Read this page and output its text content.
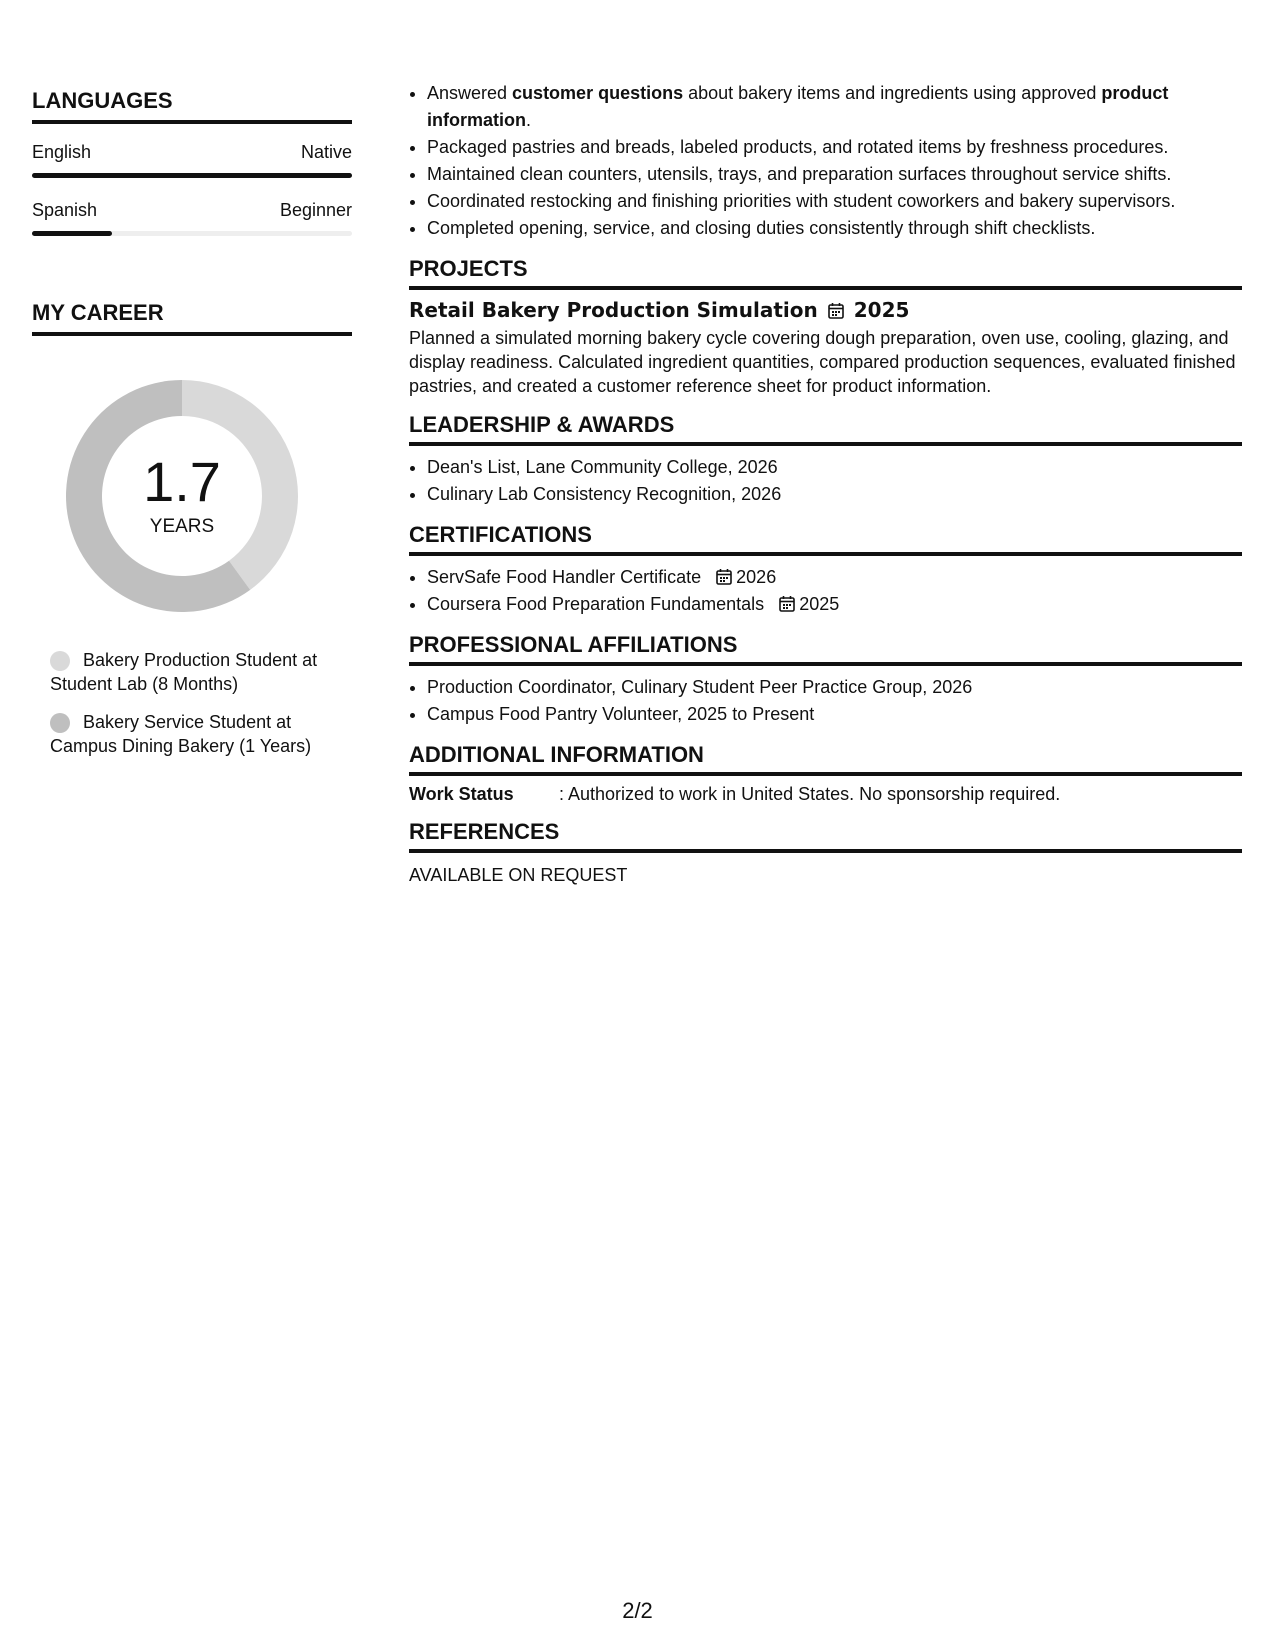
LANGUAGES
English	Native
Spanish	Beginner
MY CAREER
1.7
YEARS
Bakery Production Student at Student Lab (8 Months)
Bakery Service Student at Campus Dining Bakery (1 Years)
• Answered customer questions about bakery items and ingredients using approved product information.
• Packaged pastries and breads, labeled products, and rotated items by freshness procedures.
• Maintained clean counters, utensils, trays, and preparation surfaces throughout service shifts.
• Coordinated restocking and finishing priorities with student coworkers and bakery supervisors.
• Completed opening, service, and closing duties consistently through shift checklists.
PROJECTS
Retail Bakery Production Simulation 2025
Planned a simulated morning bakery cycle covering dough preparation, oven use, cooling, glazing, and display readiness. Calculated ingredient quantities, compared production sequences, evaluated finished pastries, and created a customer reference sheet for product information.
LEADERSHIP & AWARDS
• Dean's List, Lane Community College, 2026
• Culinary Lab Consistency Recognition, 2026
CERTIFICATIONS
• ServSafe Food Handler Certificate 2026
• Coursera Food Preparation Fundamentals 2025
PROFESSIONAL AFFILIATIONS
• Production Coordinator, Culinary Student Peer Practice Group, 2026
• Campus Food Pantry Volunteer, 2025 to Present
ADDITIONAL INFORMATION
Work Status	: Authorized to work in United States. No sponsorship required.
REFERENCES
AVAILABLE ON REQUEST
2/2
